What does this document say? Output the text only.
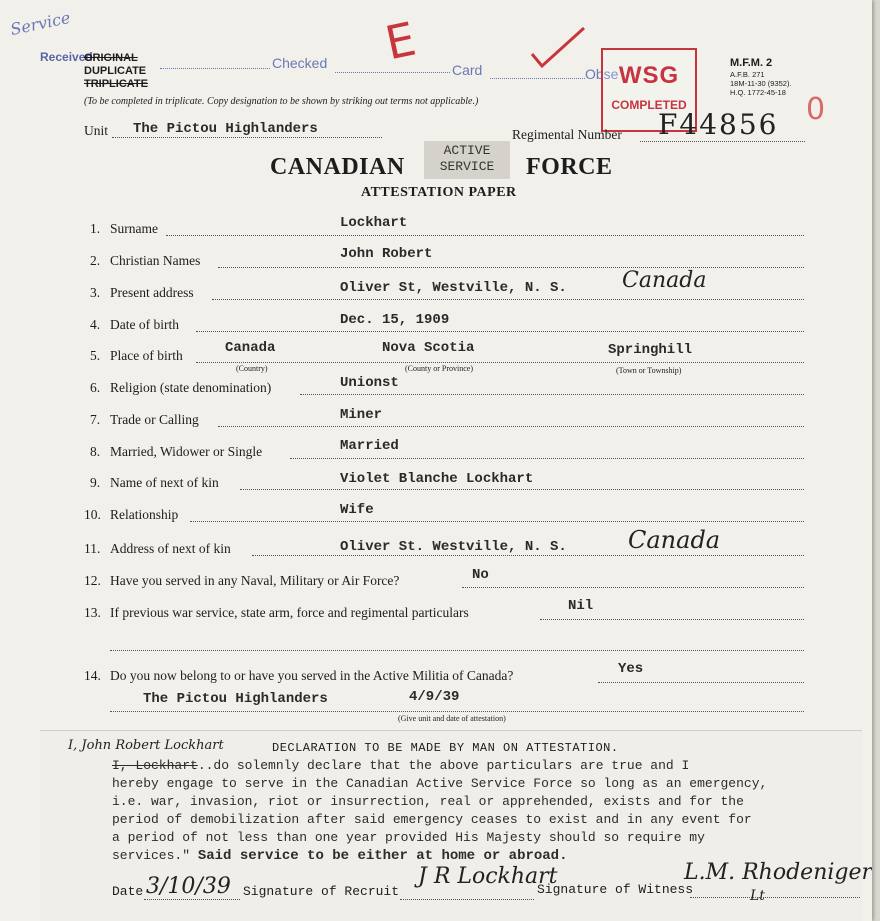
Service
Received
ORIGINAL
DUPLICATE
TRIPLICATE
Checked	Card	Obse
(To be completed in triplicate. Copy designation to be shown by striking out terms not applicable.)
E
WSG
COMPLETED	0
M.F.M. 2
A.F.B. 271
18M-11-30 (9352).
H.Q. 1772-45-18
Unit The Pictou Highlanders	Regimental Number F44856
CANADIAN
ACTIVE
SERVICE	FORCE
ATTESTATION PAPER
1. Surname	Lockhart
2. Christian Names	John Robert
3. Present address	Oliver St, Westville, N. S.	Canada
4. Date of birth	Dec. 15, 1909
5. Place of birth	Canada	Nova Scotia	Springhill
(Country)	(County or Province)	(Town or Township)
6. Religion (state denomination)	Unionst
7. Trade or Calling	Miner
8. Married, Widower or Single	Married
9. Name of next of kin	Violet Blanche Lockhart
10. Relationship	Wife
11. Address of next of kin	Oliver St. Westville, N. S.	Canada
12. Have you served in any Naval, Military or Air Force?	No
13. If previous war service, state arm, force and regimental particulars	Nil
14. Do you now belong to or have you served in the Active Militia of Canada?	Yes
The Pictou Highlanders	4/9/39
(Give unit and date of attestation)
I, John Robert Lockhart	DECLARATION TO BE MADE BY MAN ON ATTESTATION.
I, Lockhart..do solemnly declare that the above particulars are true and I
hereby engage to serve in the Canadian Active Service Force so long as an emergency,
i.e. war, invasion, riot or insurrection, real or apprehended, exists and for the
period of demobilization after said emergency ceases to exist and in any event for
a period of not less than one year provided His Majesty should so require my
services." Said service to be either at home or abroad.
Date 3/10/39 Signature of Recruit
J R Lockhart
Signature of Witness
L.M. Rhodeniger
Lt
